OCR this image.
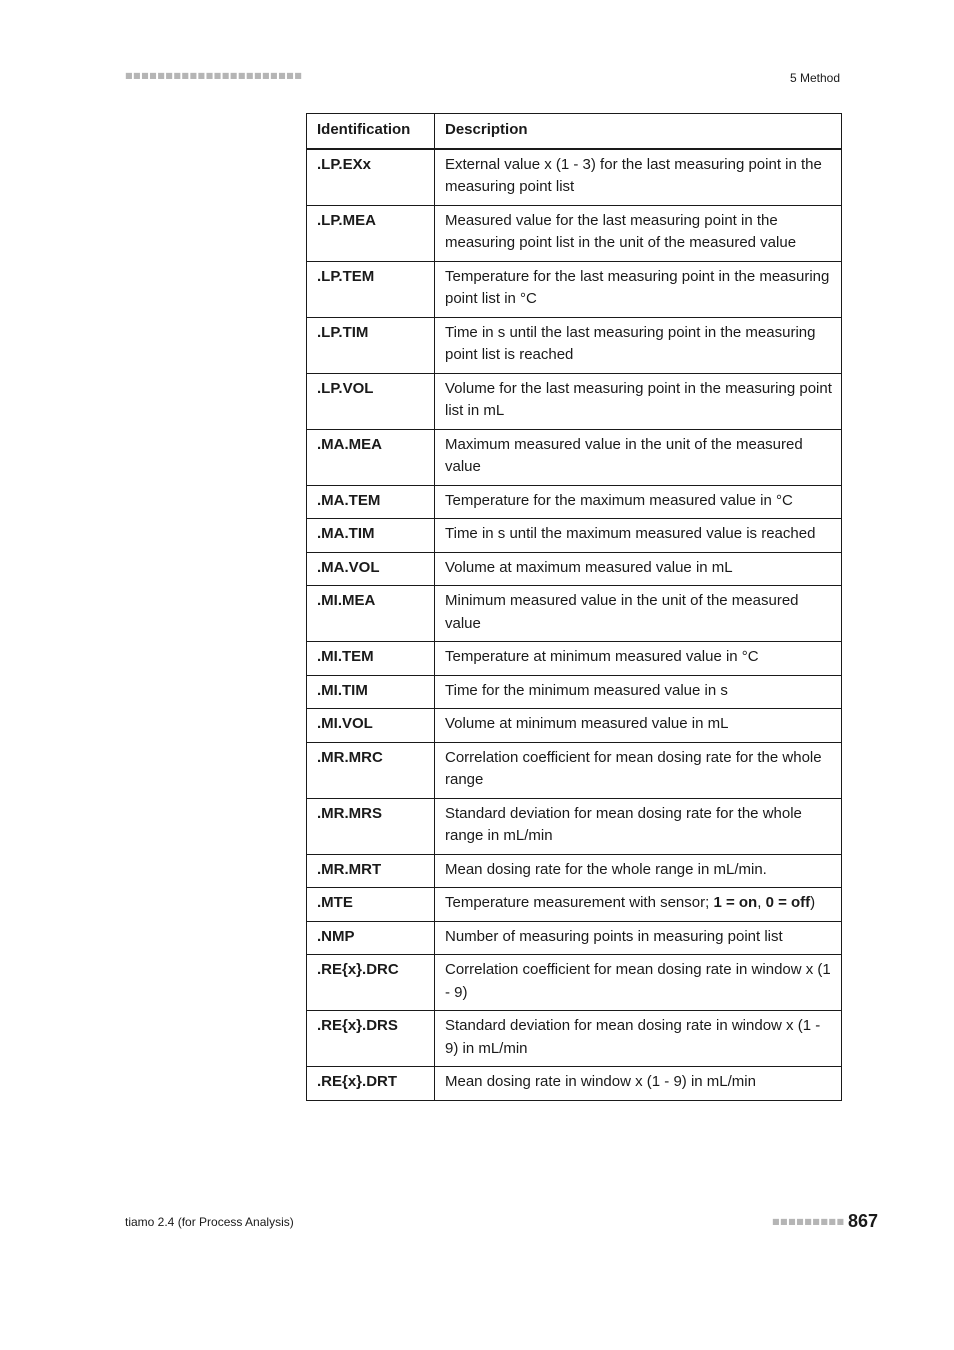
■■■■■■■■■■■■■■■■■■■■■■	5 Method
Identification	Description
.LP.EXx	External value x (1 - 3) for the last measuring point in the measuring point list
.LP.MEA	Measured value for the last measuring point in the measuring point list in the unit of the measured value
.LP.TEM	Temperature for the last measuring point in the measuring point list in °C
.LP.TIM	Time in s until the last measuring point in the measuring point list is reached
.LP.VOL	Volume for the last measuring point in the measuring point list in mL
.MA.MEA	Maximum measured value in the unit of the measured value
.MA.TEM	Temperature for the maximum measured value in °C
.MA.TIM	Time in s until the maximum measured value is reached
.MA.VOL	Volume at maximum measured value in mL
.MI.MEA	Minimum measured value in the unit of the measured value
.MI.TEM	Temperature at minimum measured value in °C
.MI.TIM	Time for the minimum measured value in s
.MI.VOL	Volume at minimum measured value in mL
.MR.MRC	Correlation coefficient for mean dosing rate for the whole range
.MR.MRS	Standard deviation for mean dosing rate for the whole range in mL/min
.MR.MRT	Mean dosing rate for the whole range in mL/min.
.MTE	Temperature measurement with sensor; 1 = on, 0 = off)
.NMP	Number of measuring points in measuring point list
.RE{x}.DRC	Correlation coefficient for mean dosing rate in window x (1 - 9)
.RE{x}.DRS	Standard deviation for mean dosing rate in window x (1 - 9) in mL/min
.RE{x}.DRT	Mean dosing rate in window x (1 - 9) in mL/min
tiamo 2.4 (for Process Analysis)	■■■■■■■■■ 867
